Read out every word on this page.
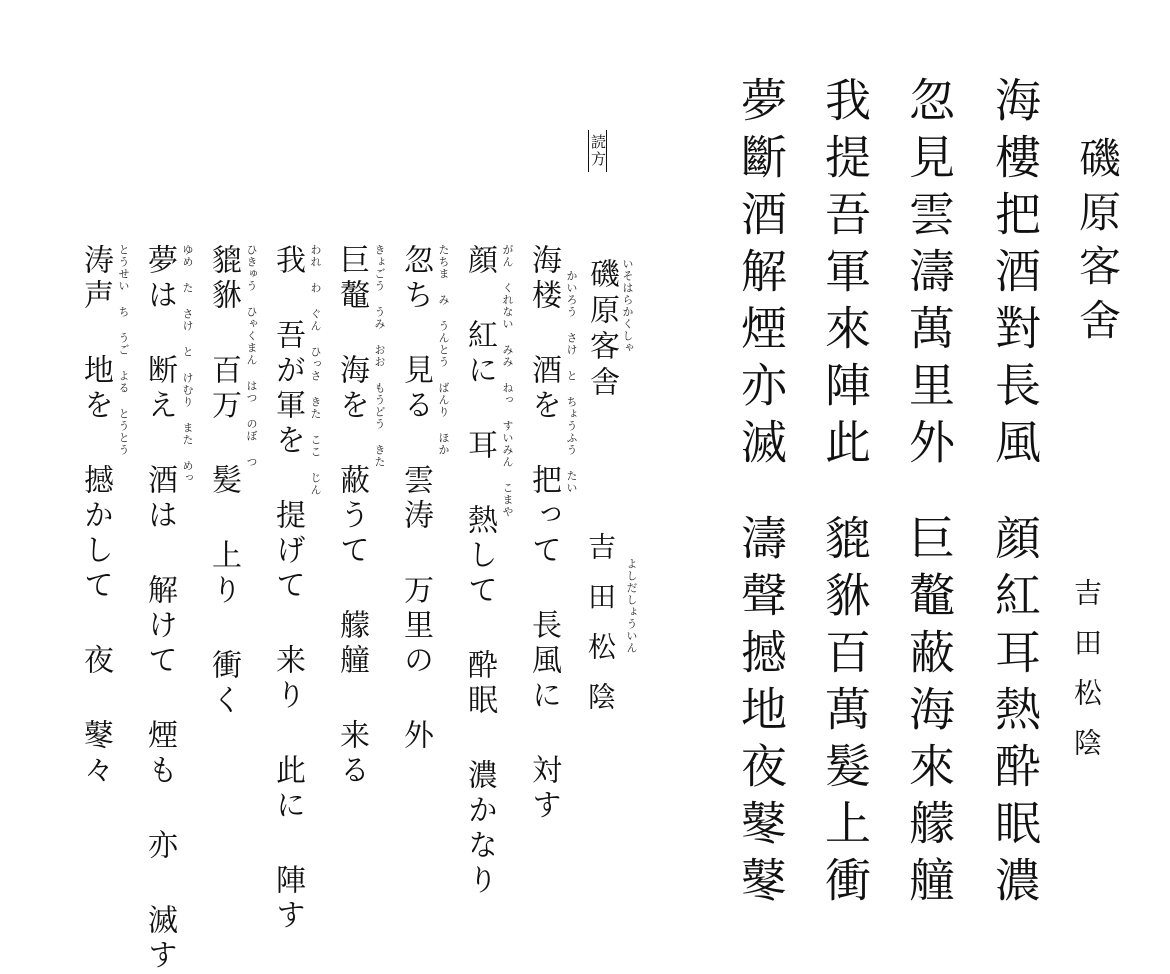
磯原客舍
吉田松陰
海樓把酒對長風
顔紅耳熱酔眠濃
忽見雲濤萬里外
巨鼇蔽海來艨艟
我提吾軍來陣此
貔貅百萬髮上衝
夢斷酒解煙亦滅
濤聲撼地夜鼕鼕
読方
いそはらかくしゃ
磯原客舎
よしだしょういん
吉田松陰
かいろう さけ と ちょうふう たい
海楼 酒を 把って 長風に 対す
がん くれない みみ ねっ すいみん こまや
顔 紅に 耳 熱して 酔眠 濃かなり
たちま み うんとう ばんり ほか
忽ち 見る 雲涛 万里の 外
きょごう うみ おお もうどう きた
巨鼇 海を 蔽うて 艨艟 来る
われ わ ぐん ひっさ きた ここ じん
我 吾が軍を 提げて 来り 此に 陣す
ひきゅう ひゃくまん はつ のぼ つ
貔貅 百万 髪 上り 衝く
ゆめ た さけ と けむり また めっ
夢は 断え 酒は 解けて 煙も 亦 滅す
とうせい ち うご よる とうとう
涛声 地を 撼かして 夜 鼕々
